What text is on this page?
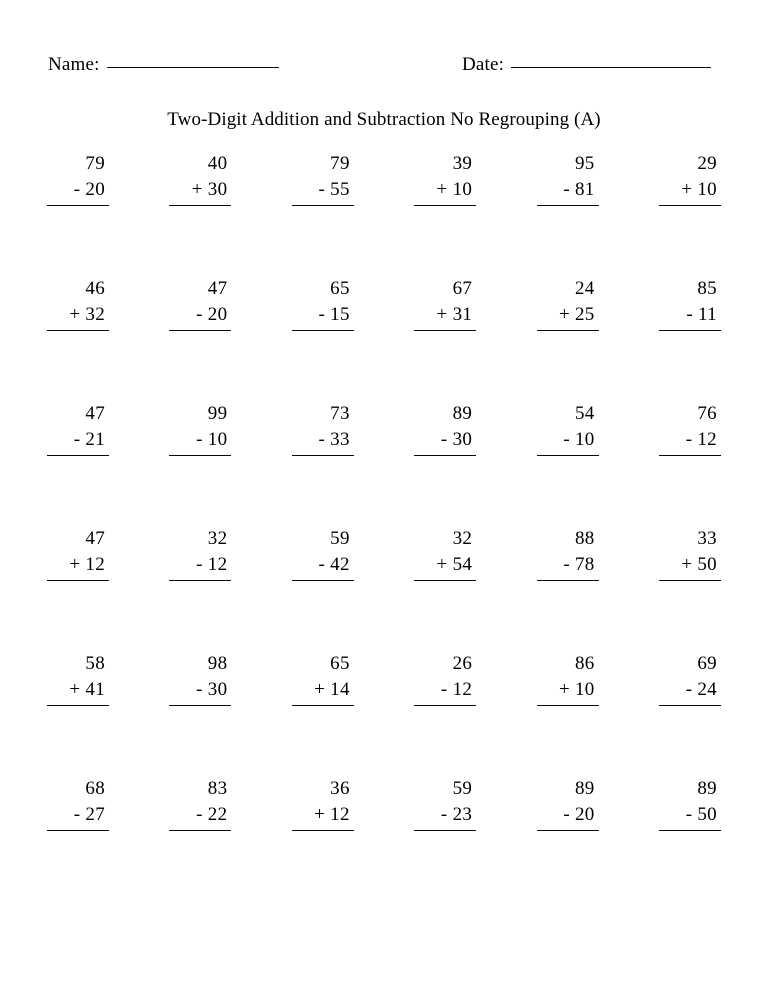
Name:	Date:
Two-Digit Addition and Subtraction No Regrouping (A)
79
- 20
40
+ 30
79
- 55
39
+ 10
95
- 81
29
+ 10
46
+ 32
47
- 20
65
- 15
67
+ 31
24
+ 25
85
- 11
47
- 21
99
- 10
73
- 33
89
- 30
54
- 10
76
- 12
47
+ 12
32
- 12
59
- 42
32
+ 54
88
- 78
33
+ 50
58
+ 41
98
- 30
65
+ 14
26
- 12
86
+ 10
69
- 24
68
- 27
83
- 22
36
+ 12
59
- 23
89
- 20
89
- 50
